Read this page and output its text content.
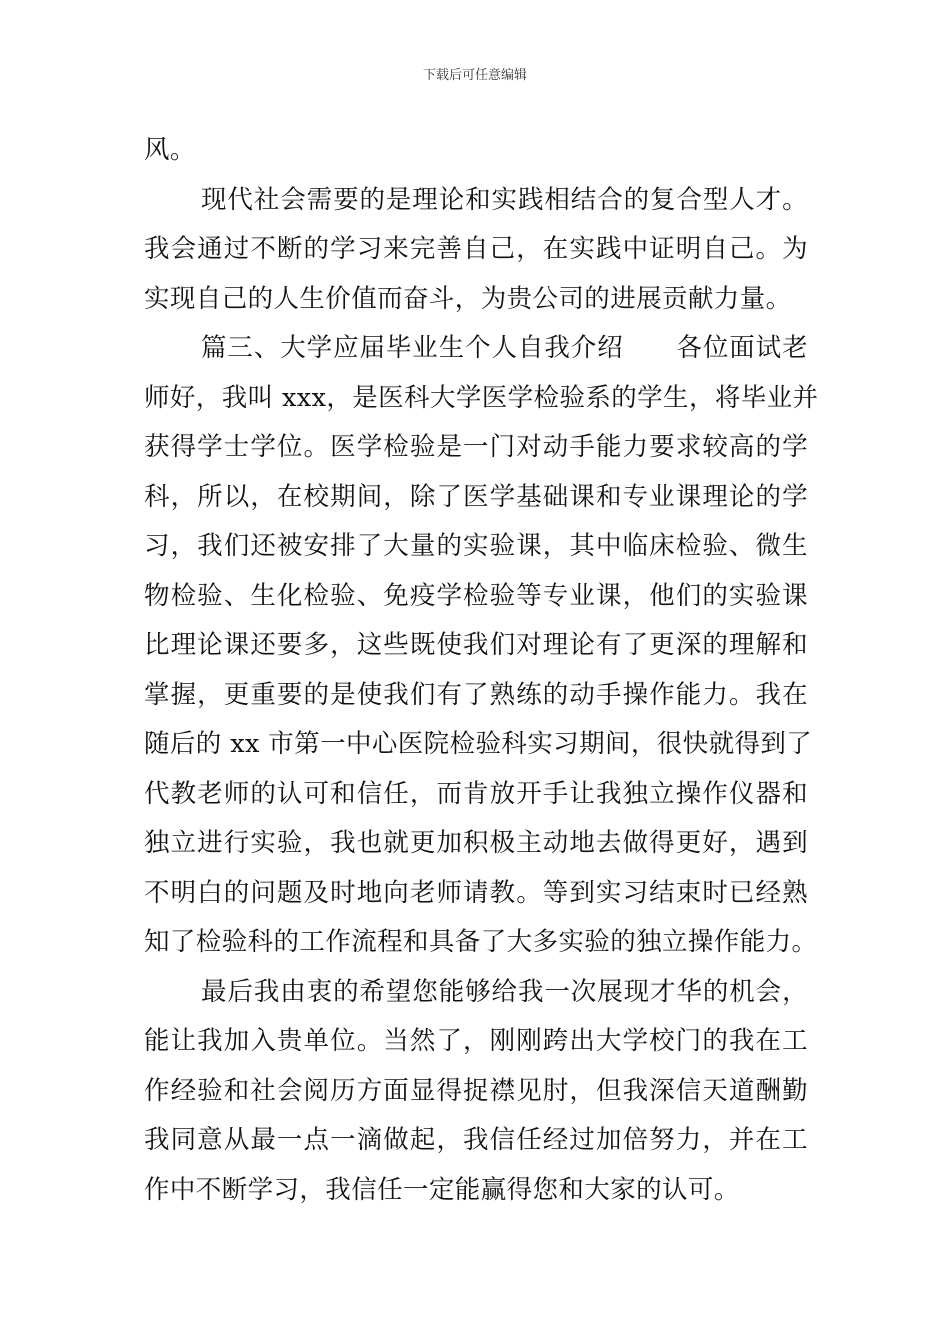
下载后可任意编辑
风。
现代社会需要的是理论和实践相结合的复合型人才。
我会通过不断的学习来完善自己，在实践中证明自己。为
实现自己的人生价值而奋斗，为贵公司的进展贡献力量。
篇三、大学应届毕业生个人自我介绍　　各位面试老
师好，我叫 xxx，是医科大学医学检验系的学生，将毕业并
获得学士学位。医学检验是一门对动手能力要求较高的学
科，所以，在校期间，除了医学基础课和专业课理论的学
习，我们还被安排了大量的实验课，其中临床检验、微生
物检验、生化检验、免疫学检验等专业课，他们的实验课
比理论课还要多，这些既使我们对理论有了更深的理解和
掌握，更重要的是使我们有了熟练的动手操作能力。我在
随后的 xx 市第一中心医院检验科实习期间，很快就得到了
代教老师的认可和信任，而肯放开手让我独立操作仪器和
独立进行实验，我也就更加积极主动地去做得更好，遇到
不明白的问题及时地向老师请教。等到实习结束时已经熟
知了检验科的工作流程和具备了大多实验的独立操作能力。
最后我由衷的希望您能够给我一次展现才华的机会，
能让我加入贵单位。当然了，刚刚跨出大学校门的我在工
作经验和社会阅历方面显得捉襟见肘，但我深信天道酬勤
我同意从最一点一滴做起，我信任经过加倍努力，并在工
作中不断学习，我信任一定能赢得您和大家的认可。
